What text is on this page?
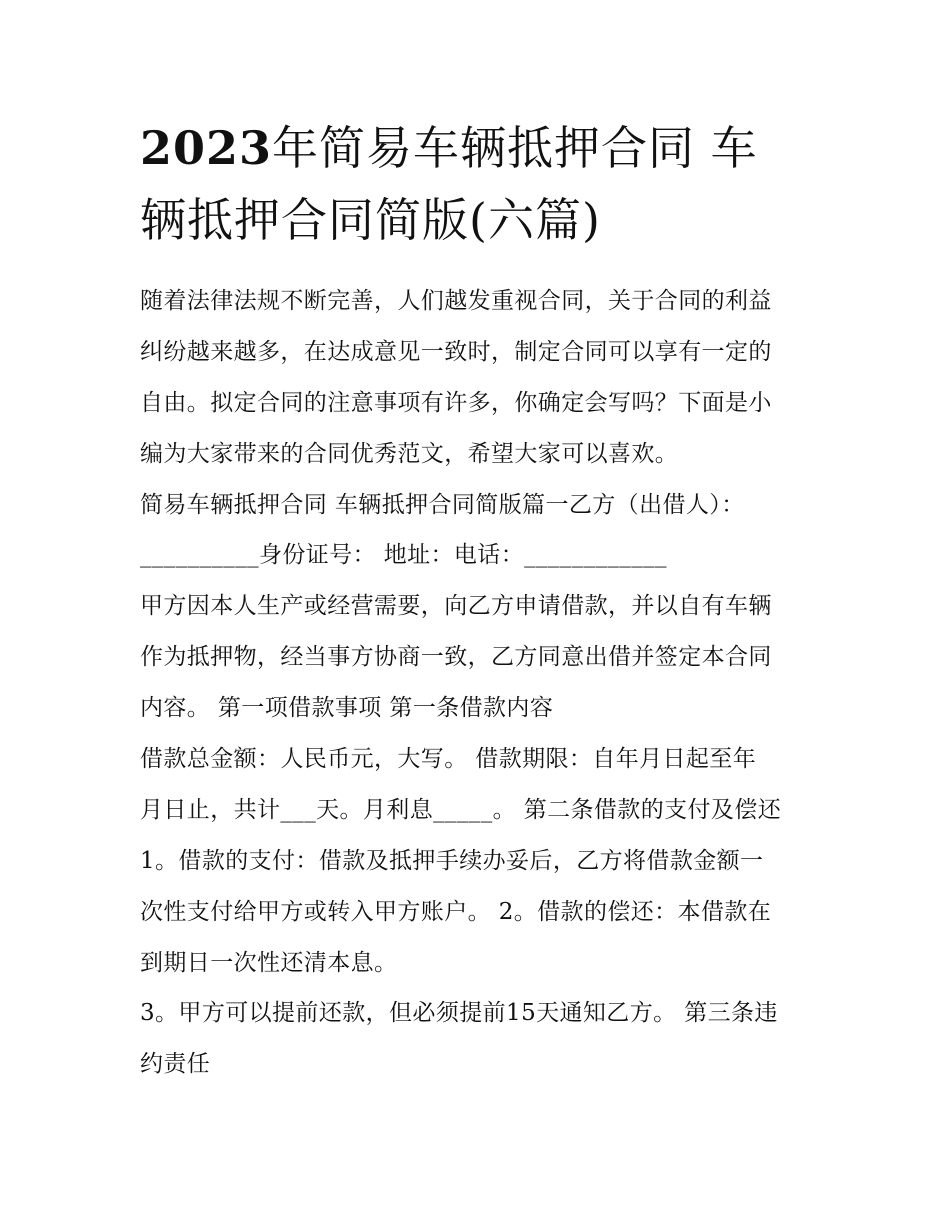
2023年简易车辆抵押合同 车
辆抵押合同简版(六篇)
随着法律法规不断完善，人们越发重视合同，关于合同的利益
纠纷越来越多，在达成意见一致时，制定合同可以享有一定的
自由。拟定合同的注意事项有许多，你确定会写吗？下面是小
编为大家带来的合同优秀范文，希望大家可以喜欢。
简易车辆抵押合同 车辆抵押合同简版篇一乙方（出借人）：
__________身份证号： 地址：电话：____________
甲方因本人生产或经营需要，向乙方申请借款，并以自有车辆
作为抵押物，经当事方协商一致，乙方同意出借并签定本合同
内容。 第一项借款事项 第一条借款内容
借款总金额：人民币元，大写。 借款期限：自年月日起至年
月日止，共计___天。月利息_____。 第二条借款的支付及偿还
1。借款的支付：借款及抵押手续办妥后，乙方将借款金额一
次性支付给甲方或转入甲方账户。 2。借款的偿还：本借款在
到期日一次性还清本息。
3。甲方可以提前还款，但必须提前15天通知乙方。 第三条违
约责任
